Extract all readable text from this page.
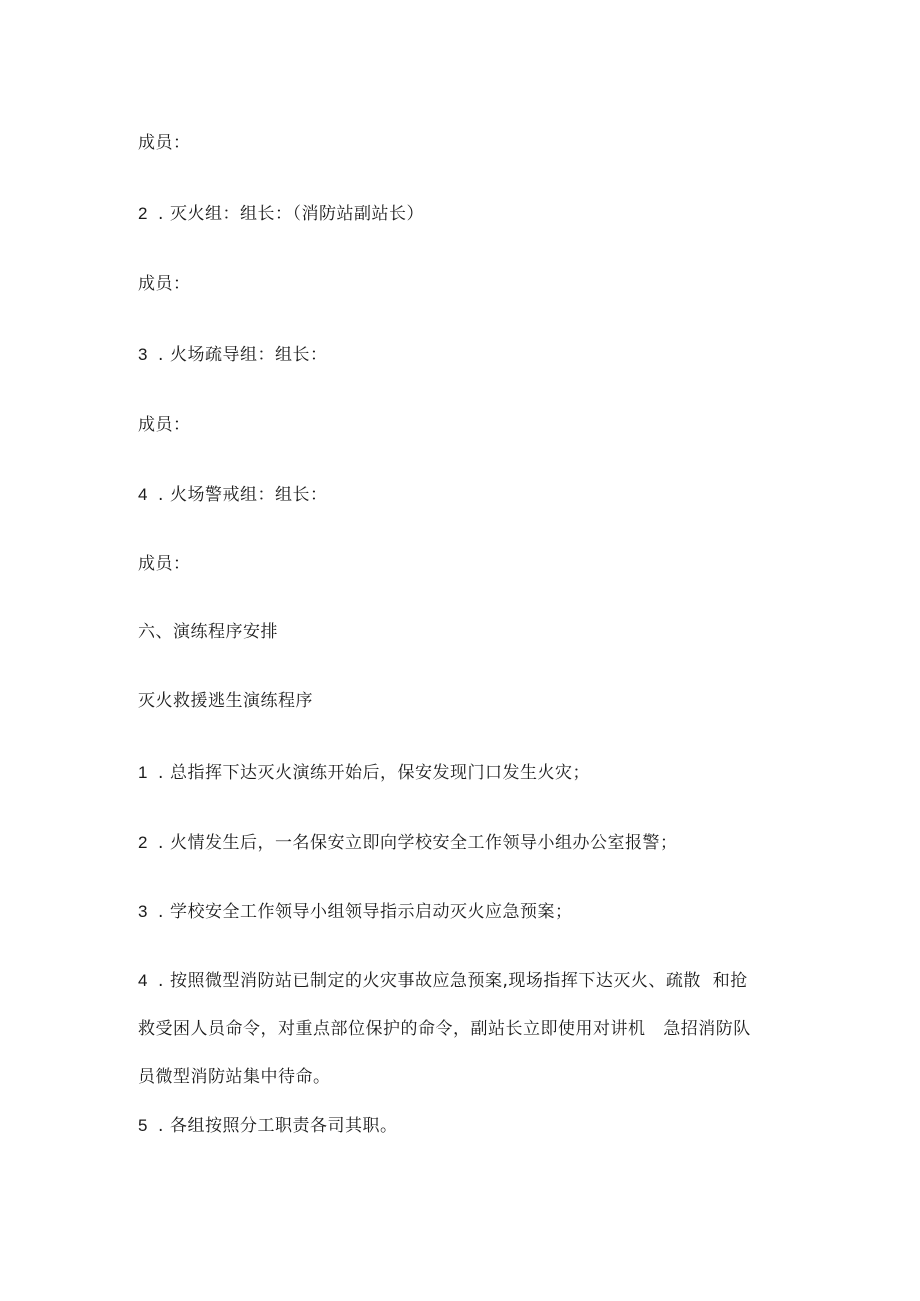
成员：
2 . 灭火组：组长：（消防站副站长）
成员：
3 . 火场疏导组：组长：
成员：
4 . 火场警戒组：组长：
成员：
六、演练程序安排
灭火救援逃生演练程序
1 . 总指挥下达灭火演练开始后，保安发现门口发生火灾；
2 . 火情发生后，一名保安立即向学校安全工作领导小组办公室报警；
3 . 学校安全工作领导小组领导指示启动灭火应急预案；
4 . 按照微型消防站已制定的火灾事故应急预案,现场指挥下达灭火、疏散  和抢
救受困人员命令，对重点部位保护的命令，副站长立即使用对讲机   急招消防队
员微型消防站集中待命。
5 . 各组按照分工职责各司其职。
